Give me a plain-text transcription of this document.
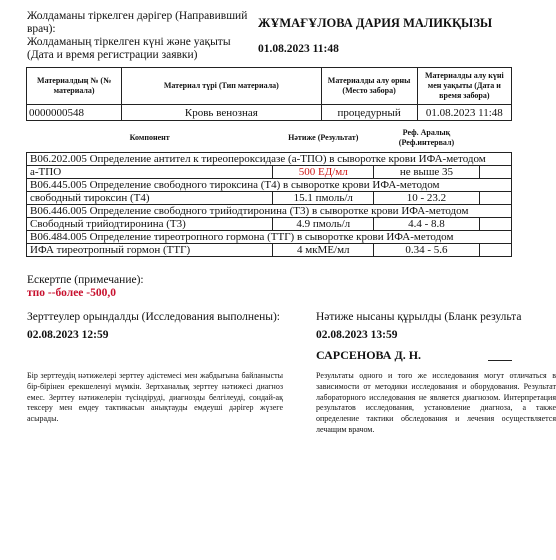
Жолдаманы тіркелген дәрігер (Направивший
врач):
Жолдаманың тіркелген күні және уақыты
(Дата и время регистрации заявки)
ЖҰМАҒҰЛОВА ДАРИЯ МАЛИКҚЫЗЫ
01.08.2023 11:48
Материалдың № (№ материала)	Материал түрі (Тип материала)	Материалды алу орны (Место забора)	Материалды алу күні мен уақыты (Дата и время забора)
0000000548	Кровь венозная	процедурный	01.08.2023 11:48
Компонент	Нәтиже (Результат)	Реф. Аралық (Реф.интервал)	
B06.202.005 Определение антител к тиреопероксидазе (а-ТПО) в сыворотке крови ИФА-методом			
а-ТПО	500 ЕД/мл	не выше 35	
B06.445.005 Определение свободного тироксина (Т4) в сыворотке крови ИФА-методом			
свободный тироксин (Т4)	15.1 пмоль/л	10 - 23.2	
B06.446.005 Определение свободного трийодтиронина (Т3) в сыворотке крови ИФА-методом			
Свободный трийодтиронина (Т3)	4.9 пмоль/л	4.4 - 8.8	
B06.484.005 Определение тиреотропного гормона (ТТГ) в сыворотке крови ИФА-методом			
ИФА тиреотропный гормон (ТТГ)	4 мкМЕ/мл	0.34 - 5.6	
Ескертпе (примечание):
тпо --более -500,0
Зерттеулер орындалды (Исследования выполнены):
02.08.2023 12:59
Нәтиже нысаны құрылды (Бланк результа
02.08.2023 13:59
САРСЕНОВА Д. Н.
Бір зерттеудің нәтижелері зерттеу әдістемесі мен жабдығына байланысты бір-бірінен ерекшеленуі мүмкін. Зертханалық зерттеу нәтижесі диагноз емес. Зерттеу нәтижелерін түсіндіруді, диагнозды белгілеуді, сондай-ақ тексеру мен емдеу тактикасын анықтауды емдеуші дәрігер жүзеге асырады.
Результаты одного и того же исследования могут отличаться в зависимости от методики исследования и оборудования. Результат лабораторного исследования не является диагнозом. Интерпретация результатов исследования, установление диагноза, а также определение тактики обследования и лечения осуществляется лечащим врачом.
